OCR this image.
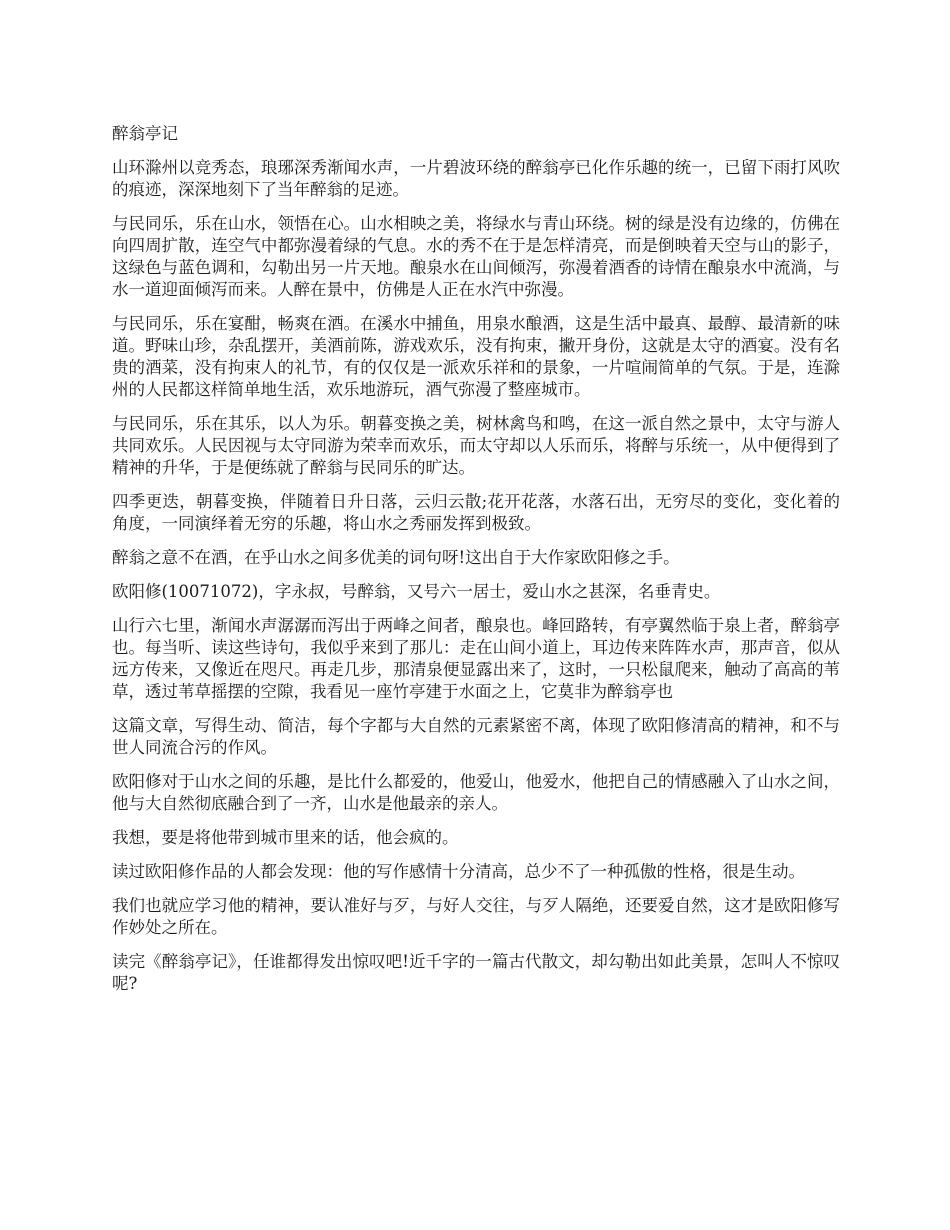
醉翁亭记

山环滁州以竞秀态，琅琊深秀渐闻水声，一片碧波环绕的醉翁亭已化作乐趣的统一，已留下雨打风吹的痕迹，深深地刻下了当年醉翁的足迹。

与民同乐，乐在山水，领悟在心。山水相映之美，将绿水与青山环绕。树的绿是没有边缘的，仿佛在向四周扩散，连空气中都弥漫着绿的气息。水的秀不在于是怎样清亮，而是倒映着天空与山的影子，这绿色与蓝色调和，勾勒出另一片天地。酿泉水在山间倾泻，弥漫着酒香的诗情在酿泉水中流淌，与水一道迎面倾泻而来。人醉在景中，仿佛是人正在水汽中弥漫。

与民同乐，乐在宴酣，畅爽在酒。在溪水中捕鱼，用泉水酿酒，这是生活中最真、最醇、最清新的味道。野味山珍，杂乱摆开，美酒前陈，游戏欢乐，没有拘束，撇开身份，这就是太守的酒宴。没有名贵的酒菜，没有拘束人的礼节，有的仅仅是一派欢乐祥和的景象，一片喧闹简单的气氛。于是，连滁州的人民都这样简单地生活，欢乐地游玩，酒气弥漫了整座城市。

与民同乐，乐在其乐，以人为乐。朝暮变换之美，树林禽鸟和鸣，在这一派自然之景中，太守与游人共同欢乐。人民因视与太守同游为荣幸而欢乐，而太守却以人乐而乐，将醉与乐统一，从中便得到了精神的升华，于是便练就了醉翁与民同乐的旷达。

四季更迭，朝暮变换，伴随着日升日落，云归云散;花开花落，水落石出，无穷尽的变化，变化着的角度，一同演绎着无穷的乐趣，将山水之秀丽发挥到极致。

醉翁之意不在酒，在乎山水之间多优美的词句呀!这出自于大作家欧阳修之手。

欧阳修(10071072)，字永叔，号醉翁，又号六一居士，爱山水之甚深，名垂青史。

山行六七里，渐闻水声潺潺而泻出于两峰之间者，酿泉也。峰回路转，有亭翼然临于泉上者，醉翁亭也。每当听、读这些诗句，我似乎来到了那儿：走在山间小道上，耳边传来阵阵水声，那声音，似从远方传来，又像近在咫尺。再走几步，那清泉便显露出来了，这时，一只松鼠爬来，触动了高高的苇草，透过苇草摇摆的空隙，我看见一座竹亭建于水面之上，它莫非为醉翁亭也

这篇文章，写得生动、简洁，每个字都与大自然的元素紧密不离，体现了欧阳修清高的精神，和不与世人同流合污的作风。

欧阳修对于山水之间的乐趣，是比什么都爱的，他爱山，他爱水，他把自己的情感融入了山水之间，他与大自然彻底融合到了一齐，山水是他最亲的亲人。

我想，要是将他带到城市里来的话，他会疯的。

读过欧阳修作品的人都会发现：他的写作感情十分清高，总少不了一种孤傲的性格，很是生动。

我们也就应学习他的精神，要认准好与歹，与好人交往，与歹人隔绝，还要爱自然，这才是欧阳修写作妙处之所在。

读完《醉翁亭记》，任谁都得发出惊叹吧!近千字的一篇古代散文，却勾勒出如此美景，怎叫人不惊叹呢?
